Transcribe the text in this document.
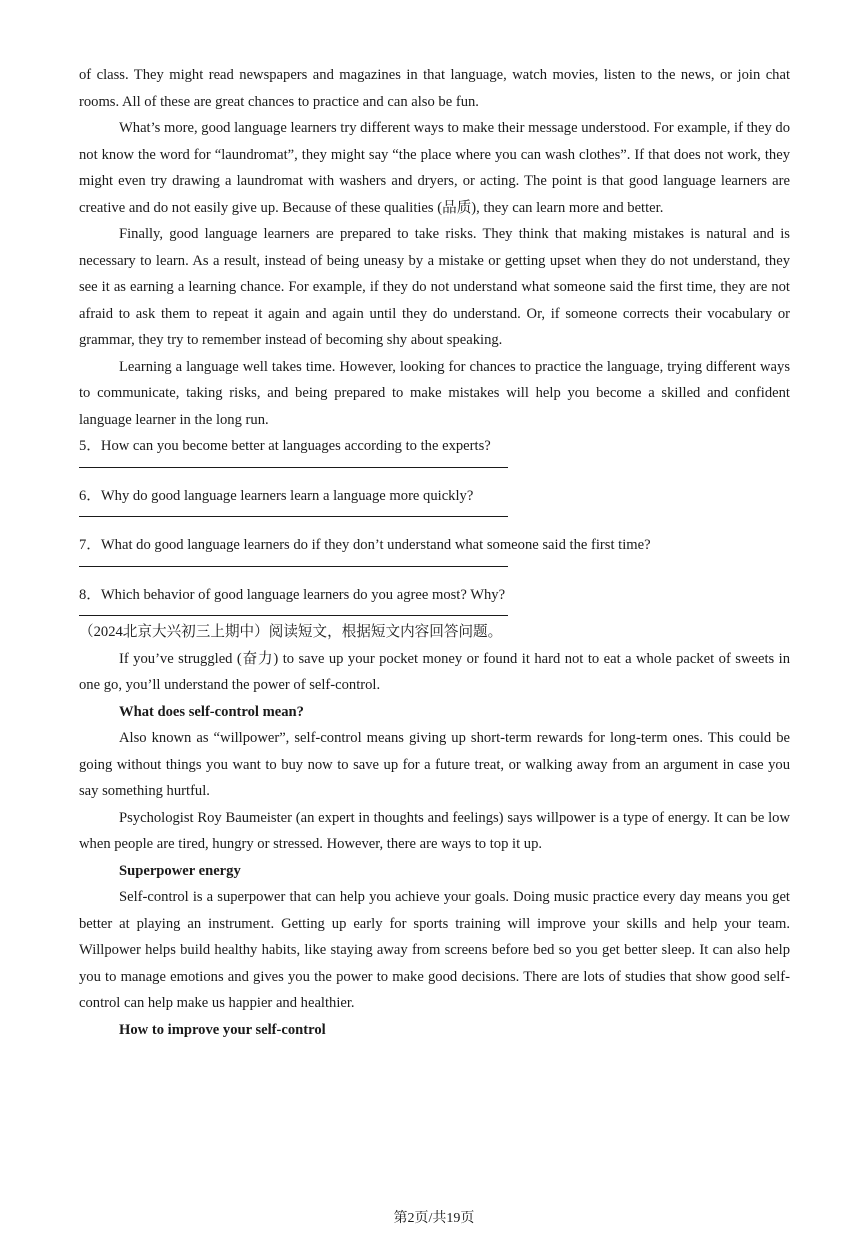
of class. They might read newspapers and magazines in that language, watch movies, listen to the news, or join chat rooms. All of these are great chances to practice and can also be fun.

What’s more, good language learners try different ways to make their message understood. For example, if they do not know the word for “laundromat”, they might say “the place where you can wash clothes”. If that does not work, they might even try drawing a laundromat with washers and dryers, or acting. The point is that good language learners are creative and do not easily give up. Because of these qualities (品质), they can learn more and better.

Finally, good language learners are prepared to take risks. They think that making mistakes is natural and is necessary to learn. As a result, instead of being uneasy by a mistake or getting upset when they do not understand, they see it as earning a learning chance. For example, if they do not understand what someone said the first time, they are not afraid to ask them to repeat it again and again until they do understand. Or, if someone corrects their vocabulary or grammar, they try to remember instead of becoming shy about speaking.

Learning a language well takes time. However, looking for chances to practice the language, trying different ways to communicate, taking risks, and being prepared to make mistakes will help you become a skilled and confident language learner in the long run.

5．How can you become better at languages according to the experts?
6．Why do good language learners learn a language more quickly?
7．What do good language learners do if they don’t understand what someone said the first time?
8．Which behavior of good language learners do you agree most? Why?

（2024北京大兴初三上期中）阅读短文，根据短文内容回答问题。

If you’ve struggled (奋力) to save up your pocket money or found it hard not to eat a whole packet of sweets in one go, you’ll understand the power of self-control.

What does self-control mean?

Also known as “willpower”, self-control means giving up short-term rewards for long-term ones. This could be going without things you want to buy now to save up for a future treat, or walking away from an argument in case you say something hurtful.

Psychologist Roy Baumeister (an expert in thoughts and feelings) says willpower is a type of energy. It can be low when people are tired, hungry or stressed. However, there are ways to top it up.

Superpower energy

Self-control is a superpower that can help you achieve your goals. Doing music practice every day means you get better at playing an instrument. Getting up early for sports training will improve your skills and help your team. Willpower helps build healthy habits, like staying away from screens before bed so you get better sleep. It can also help you to manage emotions and gives you the power to make good decisions. There are lots of studies that show good self-control can help make us happier and healthier.

How to improve your self-control

第2页/共19页
